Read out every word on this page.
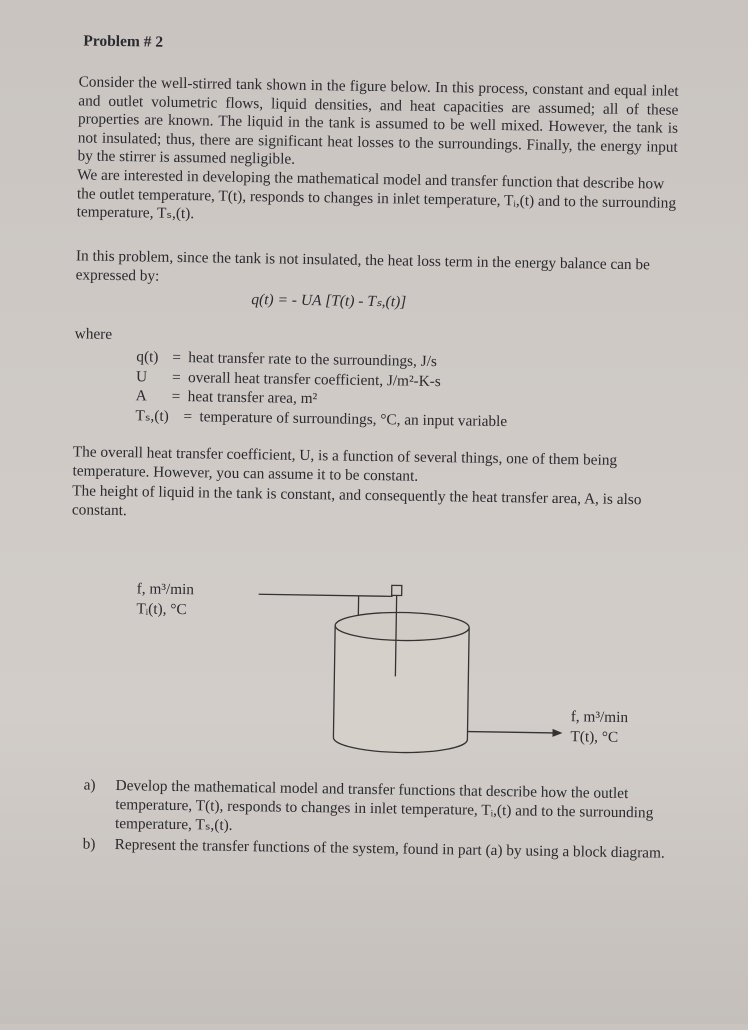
Problem # 2
Consider the well-stirred tank shown in the figure below. In this process, constant and equal inlet and outlet volumetric flows, liquid densities, and heat capacities are assumed; all of these properties are known. The liquid in the tank is assumed to be well mixed. However, the tank is not insulated; thus, there are significant heat losses to the surroundings. Finally, the energy input by the stirrer is assumed negligible.
We are interested in developing the mathematical model and transfer function that describe how the outlet temperature, T(t), responds to changes in inlet temperature, Tᵢ,(t) and to the surrounding temperature, Tₛ,(t).
In this problem, since the tank is not insulated, the heat loss term in the energy balance can be expressed by:
q(t) = - UA [T(t) - Tₛ,(t)]
where
q(t) = heat transfer rate to the surroundings, J/s
U	= overall heat transfer coefficient, J/m²-K-s
A	= heat transfer area, m²
Tₛ,(t) = temperature of surroundings, °C, an input variable
The overall heat transfer coefficient, U, is a function of several things, one of them being temperature. However, you can assume it to be constant.
The height of liquid in the tank is constant, and consequently the heat transfer area, A, is also constant.
f, m³/min
Tᵢ(t), °C
f, m³/min
T(t), °C
a)	Develop the mathematical model and transfer functions that describe how the outlet temperature, T(t), responds to changes in inlet temperature, Tᵢ,(t) and to the surrounding temperature, Tₛ,(t).
b)	Represent the transfer functions of the system, found in part (a) by using a block diagram.
